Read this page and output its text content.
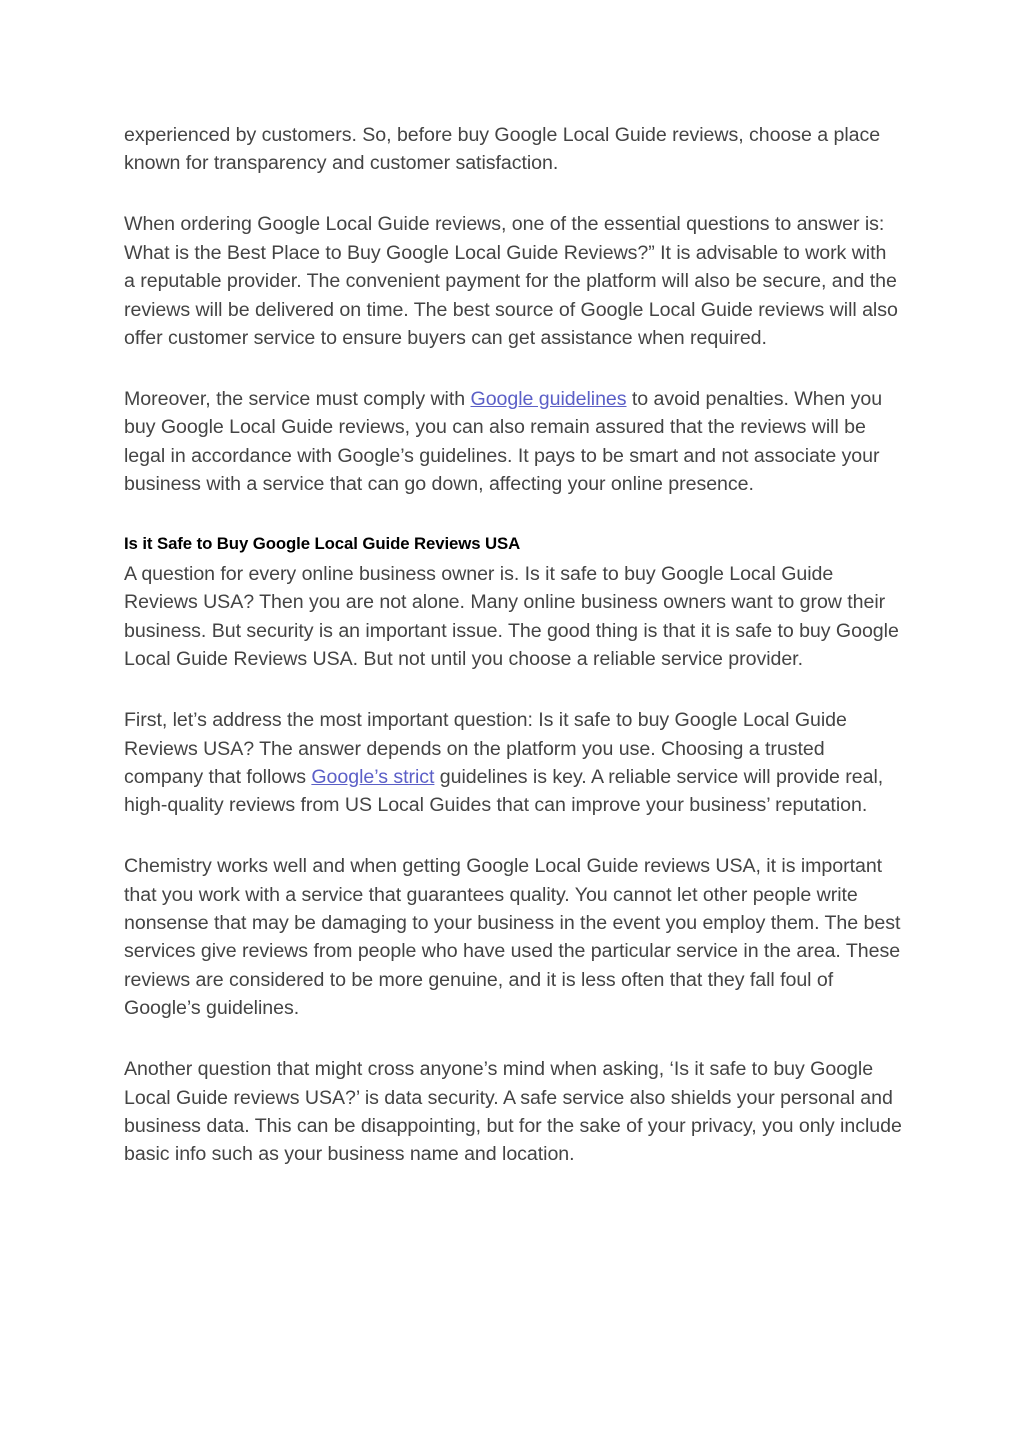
experienced by customers. So, before buy Google Local Guide reviews, choose a place known for transparency and customer satisfaction.

When ordering Google Local Guide reviews, one of the essential questions to answer is: What is the Best Place to Buy Google Local Guide Reviews?” It is advisable to work with a reputable provider. The convenient payment for the platform will also be secure, and the reviews will be delivered on time. The best source of Google Local Guide reviews will also offer customer service to ensure buyers can get assistance when required.

Moreover, the service must comply with Google guidelines to avoid penalties. When you buy Google Local Guide reviews, you can also remain assured that the reviews will be legal in accordance with Google’s guidelines. It pays to be smart and not associate your business with a service that can go down, affecting your online presence.

Is it Safe to Buy Google Local Guide Reviews USA

A question for every online business owner is. Is it safe to buy Google Local Guide Reviews USA? Then you are not alone. Many online business owners want to grow their business. But security is an important issue. The good thing is that it is safe to buy Google Local Guide Reviews USA. But not until you choose a reliable service provider.

First, let’s address the most important question: Is it safe to buy Google Local Guide Reviews USA? The answer depends on the platform you use. Choosing a trusted company that follows Google’s strict guidelines is key. A reliable service will provide real, high-quality reviews from US Local Guides that can improve your business’ reputation.

Chemistry works well and when getting Google Local Guide reviews USA, it is important that you work with a service that guarantees quality. You cannot let other people write nonsense that may be damaging to your business in the event you employ them. The best services give reviews from people who have used the particular service in the area. These reviews are considered to be more genuine, and it is less often that they fall foul of Google’s guidelines.

Another question that might cross anyone’s mind when asking, ‘Is it safe to buy Google Local Guide reviews USA?’ is data security. A safe service also shields your personal and business data. This can be disappointing, but for the sake of your privacy, you only include basic info such as your business name and location.
